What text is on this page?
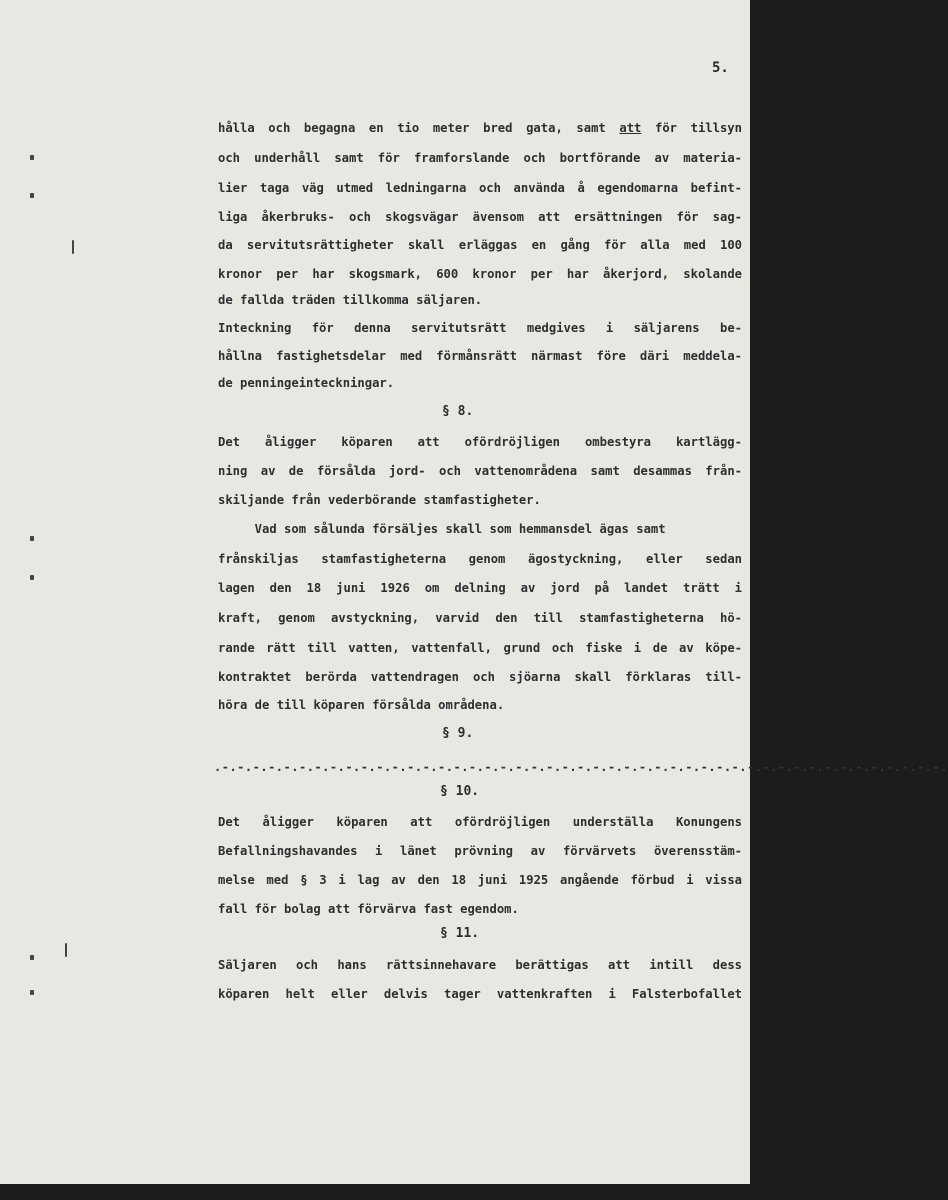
5.
hålla och begagna en tio meter bred gata, samt att för tillsyn
och underhåll samt för framforslande och bortförande av materia-
lier taga väg utmed ledningarna och använda å egendomarna befint-
liga åkerbruks- och skogsvägar ävensom att ersättningen för sag-
da servitutsrättigheter skall erläggas en gång för alla med 100
kronor per har skogsmark, 600 kronor per har åkerjord, skolande
de fallda träden tillkomma säljaren.
Inteckning för denna servitutsrätt medgives i säljarens be-
hållna fastighetsdelar med förmånsrätt närmast före däri meddela-
de penningeinteckningar.
§ 8.
Det åligger köparen att ofördröjligen ombestyra kartlägg-
ning av de försålda jord- och vattenområdena samt desammas från-
skiljande från vederbörande stamfastigheter.
Vad som sålunda försäljes skall som hemmansdel ägas samt
frånskiljas stamfastigheterna genom ägostyckning, eller sedan
lagen den 18 juni 1926 om delning av jord på landet trätt i
kraft, genom avstyckning, varvid den till stamfastigheterna hö-
rande rätt till vatten, vattenfall, grund och fiske i de av köpe-
kontraktet berörda vattendragen och sjöarna skall förklaras till-
höra de till köparen försålda områdena.
§ 9.
.-.-.-.-.-.-.-.-.-.-.-.-.-.-.-.-.-.-.-.-.-.-.-.-.-.-.-.-.-.-.-.-.-.-.-.-.-.-.-.-.-.-.-.-.-.-.-.
§ 10.
Det åligger köparen att ofördröjligen underställa Konungens
Befallningshavandes i länet prövning av förvärvets överensstäm-
melse med § 3 i lag av den 18 juni 1925 angående förbud i vissa
fall för bolag att förvärva fast egendom.
§ 11.
Säljaren och hans rättsinnehavare berättigas att intill dess
köparen helt eller delvis tager vattenkraften i Falsterbofallet
